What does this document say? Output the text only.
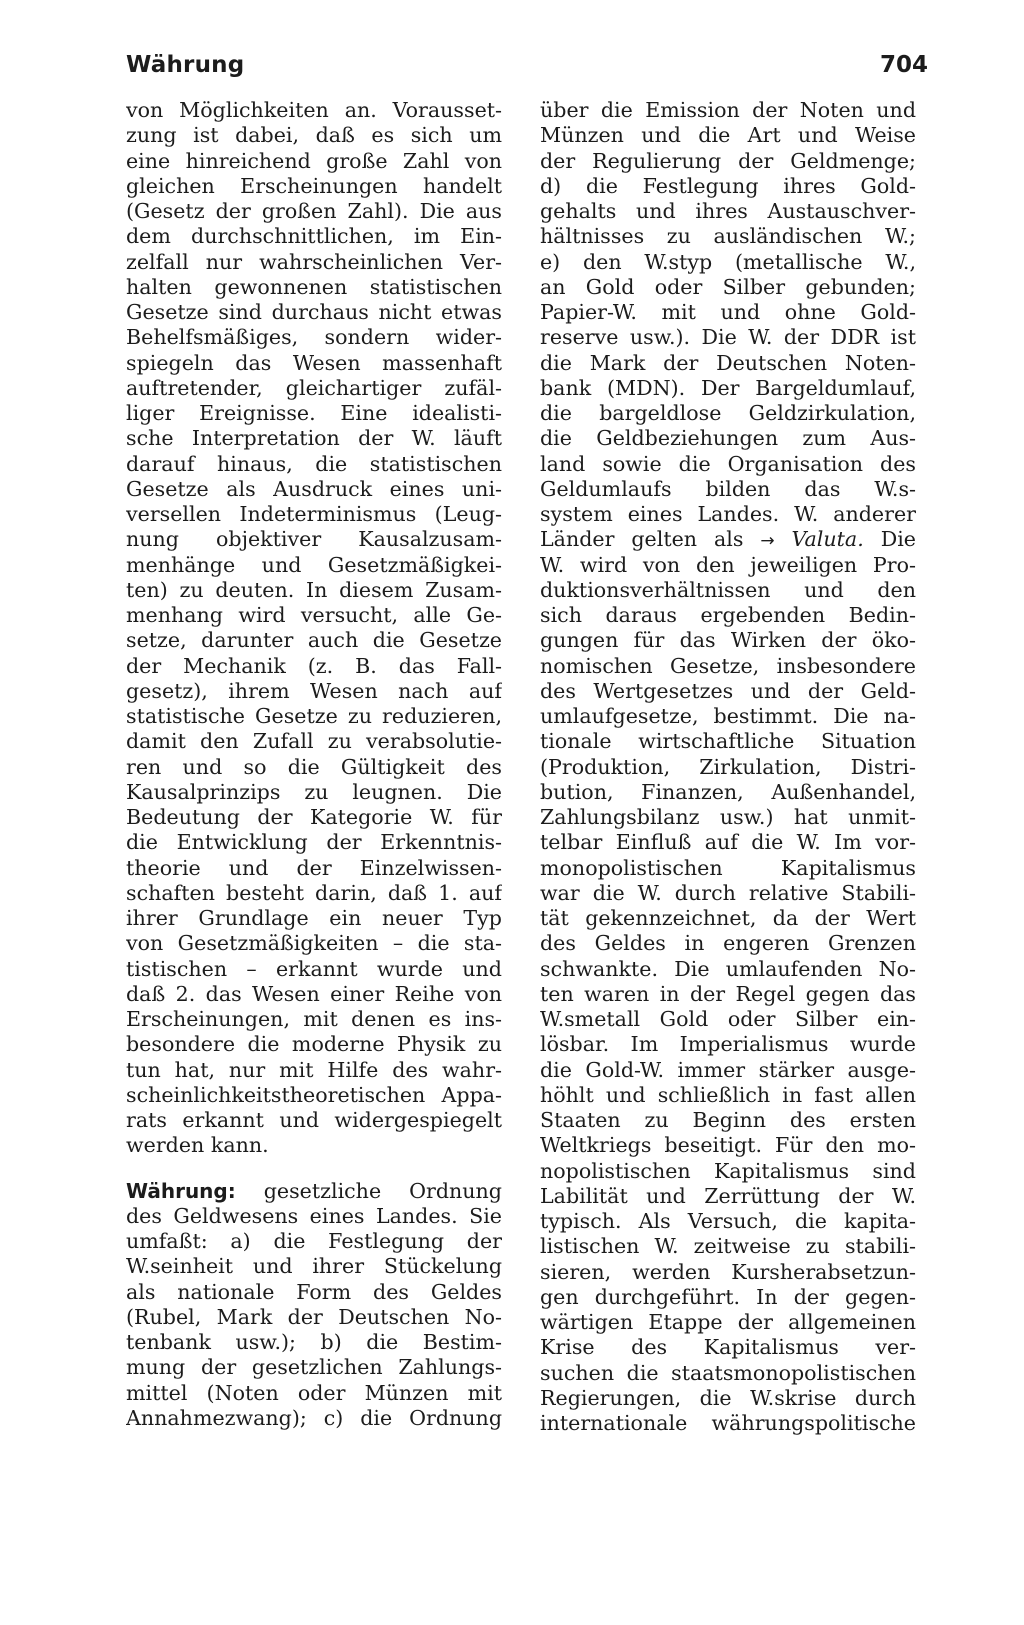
Währung	704
von Möglichkeiten an. Vorausset-
zung ist dabei, daß es sich um
eine hinreichend große Zahl von
gleichen Erscheinungen handelt
(Gesetz der großen Zahl). Die aus
dem durchschnittlichen, im Ein-
zelfall nur wahrscheinlichen Ver-
halten gewonnenen statistischen
Gesetze sind durchaus nicht etwas
Behelfsmäßiges, sondern wider-
spiegeln das Wesen massenhaft
auftretender, gleichartiger zufäl-
liger Ereignisse. Eine idealisti-
sche Interpretation der W. läuft
darauf hinaus, die statistischen
Gesetze als Ausdruck eines uni-
versellen Indeterminismus (Leug-
nung objektiver Kausalzusam-
menhänge und Gesetzmäßigkei-
ten) zu deuten. In diesem Zusam-
menhang wird versucht, alle Ge-
setze, darunter auch die Gesetze
der Mechanik (z. B. das Fall-
gesetz), ihrem Wesen nach auf
statistische Gesetze zu reduzieren,
damit den Zufall zu verabsolutie-
ren und so die Gültigkeit des
Kausalprinzips zu leugnen. Die
Bedeutung der Kategorie W. für
die Entwicklung der Erkenntnis-
theorie und der Einzelwissen-
schaften besteht darin, daß 1. auf
ihrer Grundlage ein neuer Typ
von Gesetzmäßigkeiten – die sta-
tistischen – erkannt wurde und
daß 2. das Wesen einer Reihe von
Erscheinungen, mit denen es ins-
besondere die moderne Physik zu
tun hat, nur mit Hilfe des wahr-
scheinlichkeitstheoretischen Appa-
rats erkannt und widergespiegelt
werden kann.
Währung: gesetzliche Ordnung
des Geldwesens eines Landes. Sie
umfaßt: a) die Festlegung der
W.seinheit und ihrer Stückelung
als nationale Form des Geldes
(Rubel, Mark der Deutschen No-
tenbank usw.); b) die Bestim-
mung der gesetzlichen Zahlungs-
mittel (Noten oder Münzen mit
Annahmezwang); c) die Ordnung
über die Emission der Noten und
Münzen und die Art und Weise
der Regulierung der Geldmenge;
d) die Festlegung ihres Gold-
gehalts und ihres Austauschver-
hältnisses zu ausländischen W.;
e) den W.styp (metallische W.,
an Gold oder Silber gebunden;
Papier-W. mit und ohne Gold-
reserve usw.). Die W. der DDR ist
die Mark der Deutschen Noten-
bank (MDN). Der Bargeldumlauf,
die bargeldlose Geldzirkulation,
die Geldbeziehungen zum Aus-
land sowie die Organisation des
Geldumlaufs bilden das W.s-
system eines Landes. W. anderer
Länder gelten als → Valuta. Die
W. wird von den jeweiligen Pro-
duktionsverhältnissen und den
sich daraus ergebenden Bedin-
gungen für das Wirken der öko-
nomischen Gesetze, insbesondere
des Wertgesetzes und der Geld-
umlaufgesetze, bestimmt. Die na-
tionale wirtschaftliche Situation
(Produktion, Zirkulation, Distri-
bution, Finanzen, Außenhandel,
Zahlungsbilanz usw.) hat unmit-
telbar Einfluß auf die W. Im vor-
monopolistischen Kapitalismus
war die W. durch relative Stabili-
tät gekennzeichnet, da der Wert
des Geldes in engeren Grenzen
schwankte. Die umlaufenden No-
ten waren in der Regel gegen das
W.smetall Gold oder Silber ein-
lösbar. Im Imperialismus wurde
die Gold-W. immer stärker ausge-
höhlt und schließlich in fast allen
Staaten zu Beginn des ersten
Weltkriegs beseitigt. Für den mo-
nopolistischen Kapitalismus sind
Labilität und Zerrüttung der W.
typisch. Als Versuch, die kapita-
listischen W. zeitweise zu stabili-
sieren, werden Kursherabsetzun-
gen durchgeführt. In der gegen-
wärtigen Etappe der allgemeinen
Krise des Kapitalismus ver-
suchen die staatsmonopolistischen
Regierungen, die W.skrise durch
internationale währungspolitische
